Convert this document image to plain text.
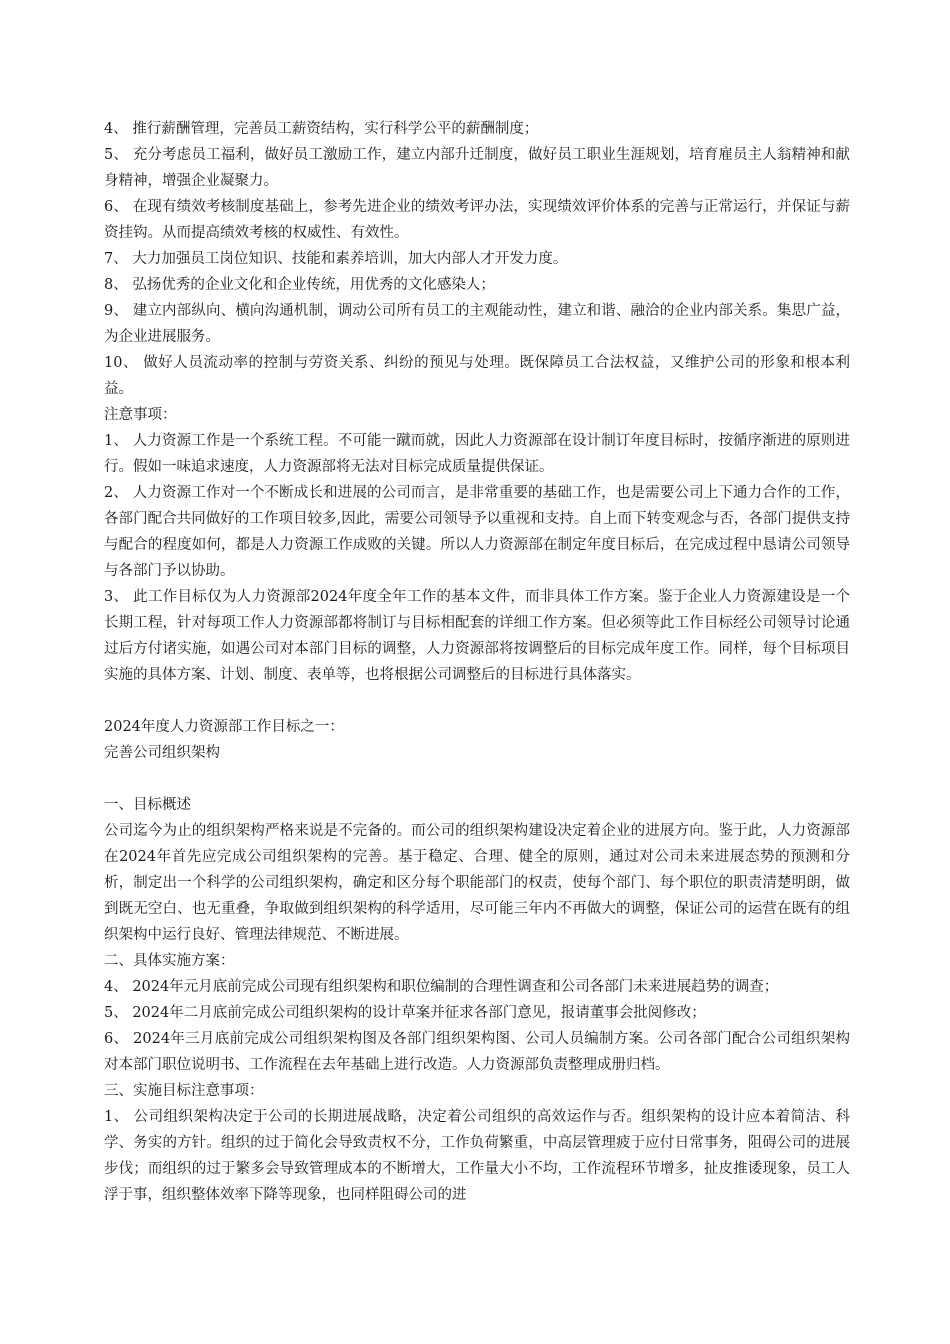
4、 推行薪酬管理，完善员工薪资结构，实行科学公平的薪酬制度；

5、 充分考虑员工福利，做好员工激励工作，建立内部升迁制度，做好员工职业生涯规划，培育雇员主人翁精神和献身精神，增强企业凝聚力。

6、 在现有绩效考核制度基础上，参考先进企业的绩效考评办法，实现绩效评价体系的完善与正常运行，并保证与薪资挂钩。从而提高绩效考核的权威性、有效性。

7、 大力加强员工岗位知识、技能和素养培训，加大内部人才开发力度。

8、 弘扬优秀的企业文化和企业传统，用优秀的文化感染人；

9、 建立内部纵向、横向沟通机制，调动公司所有员工的主观能动性，建立和谐、融洽的企业内部关系。集思广益，为企业进展服务。

10、 做好人员流动率的控制与劳资关系、纠纷的预见与处理。既保障员工合法权益，又维护公司的形象和根本利益。

注意事项：

1、 人力资源工作是一个系统工程。不可能一蹴而就，因此人力资源部在设计制订年度目标时，按循序渐进的原则进行。假如一味追求速度，人力资源部将无法对目标完成质量提供保证。

2、 人力资源工作对一个不断成长和进展的公司而言，是非常重要的基础工作，也是需要公司上下通力合作的工作，各部门配合共同做好的工作项目较多,因此，需要公司领导予以重视和支持。自上而下转变观念与否，各部门提供支持与配合的程度如何，都是人力资源工作成败的关键。所以人力资源部在制定年度目标后，在完成过程中恳请公司领导与各部门予以协助。

3、 此工作目标仅为人力资源部2024年度全年工作的基本文件，而非具体工作方案。鉴于企业人力资源建设是一个长期工程，针对每项工作人力资源部都将制订与目标相配套的详细工作方案。但必须等此工作目标经公司领导讨论通过后方付诸实施，如遇公司对本部门目标的调整，人力资源部将按调整后的目标完成年度工作。同样，每个目标项目实施的具体方案、计划、制度、表单等，也将根据公司调整后的目标进行具体落实。

2024年度人力资源部工作目标之一：

完善公司组织架构

一、目标概述

公司迄今为止的组织架构严格来说是不完备的。而公司的组织架构建设决定着企业的进展方向。鉴于此，人力资源部在2024年首先应完成公司组织架构的完善。基于稳定、合理、健全的原则，通过对公司未来进展态势的预测和分析，制定出一个科学的公司组织架构，确定和区分每个职能部门的权责，使每个部门、每个职位的职责清楚明朗，做到既无空白、也无重叠，争取做到组织架构的科学适用，尽可能三年内不再做大的调整，保证公司的运营在既有的组织架构中运行良好、管理法律规范、不断进展。

二、具体实施方案：

4、 2024年元月底前完成公司现有组织架构和职位编制的合理性调查和公司各部门未来进展趋势的调查；

5、 2024年二月底前完成公司组织架构的设计草案并征求各部门意见，报请董事会批阅修改；

6、 2024年三月底前完成公司组织架构图及各部门组织架构图、公司人员编制方案。公司各部门配合公司组织架构对本部门职位说明书、工作流程在去年基础上进行改造。人力资源部负责整理成册归档。

三、实施目标注意事项：

1、 公司组织架构决定于公司的长期进展战略，决定着公司组织的高效运作与否。组织架构的设计应本着简洁、科学、务实的方针。组织的过于简化会导致责权不分，工作负荷繁重，中高层管理疲于应付日常事务，阻碍公司的进展步伐；而组织的过于繁多会导致管理成本的不断增大，工作量大小不均，工作流程环节增多，扯皮推诿现象，员工人浮于事，组织整体效率下降等现象，也同样阻碍公司的进
